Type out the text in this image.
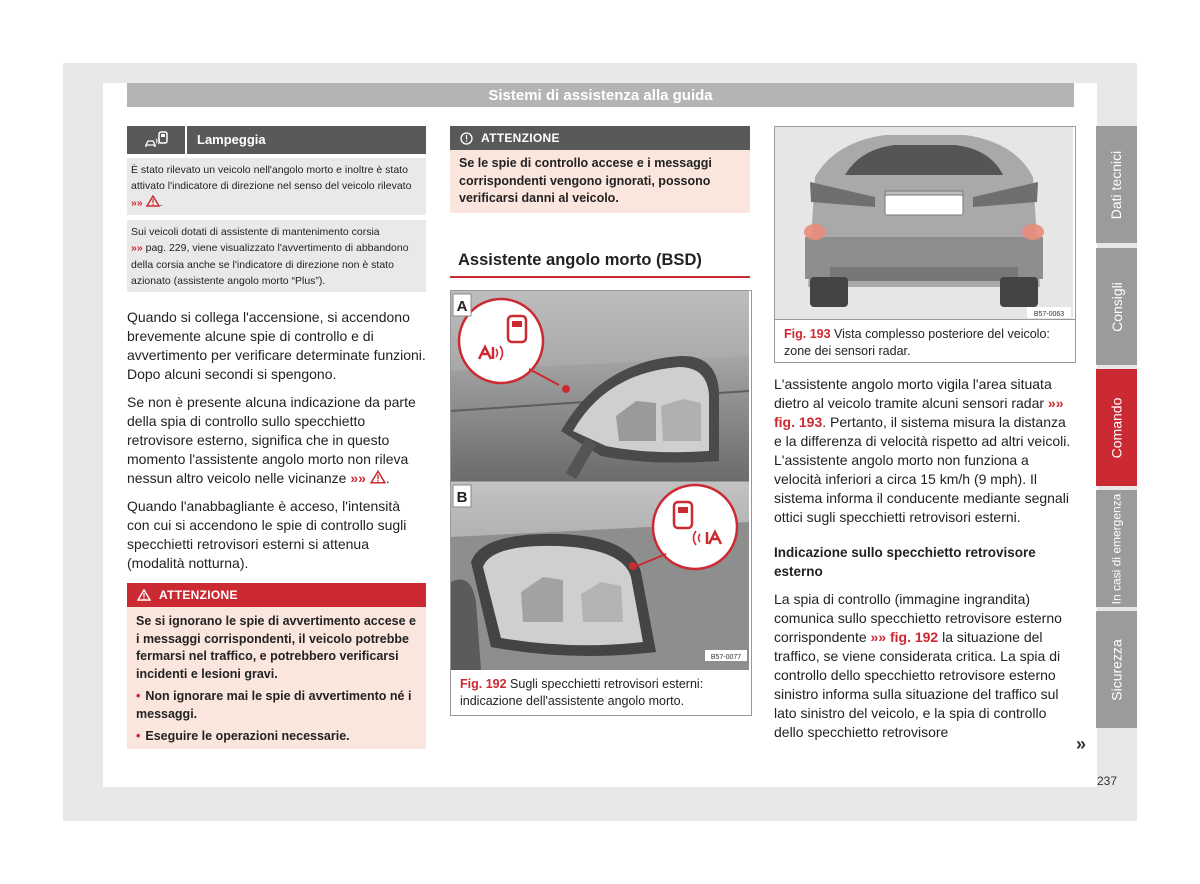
Sistemi di assistenza alla guida
Dati tecnici
Consigli
Comando
In casi di emergenza
Sicurezza
Lampeggia
È stato rilevato un veicolo nell'angolo morto e inoltre è stato attivato l'indicatore di direzione nel senso del veicolo rilevato »» .
Sui veicoli dotati di assistente di mantenimento corsia
»» pag. 229, viene visualizzato l'avvertimento di abbandono della corsia anche se l'indicatore di direzione non è stato azionato (assistente angolo morto “Plus”).

Quando si collega l'accensione, si accendono brevemente alcune spie di controllo e di avvertimento per verificare determinate funzioni. Dopo alcuni secondi si spengono.

Se non è presente alcuna indicazione da parte della spia di controllo sullo specchietto retrovisore esterno, significa che in questo momento l'assistente angolo morto non rileva nessun altro veicolo nelle vicinanze »» .

Quando l'anabbagliante è acceso, l'intensità con cui si accendono le spie di controllo sugli specchietti retrovisori esterni si attenua (modalità notturna).

ATTENZIONE

Se si ignorano le spie di avvertimento accese e i messaggi corrispondenti, il veicolo potrebbe fermarsi nel traffico, e potrebbero verificarsi incidenti e lesioni gravi.

• Non ignorare mai le spie di avvertimento né i messaggi.

• Eseguire le operazioni necessarie.

ATTENZIONE
Se le spie di controllo accese e i messaggi corrispondenti vengono ignorati, possono verificarsi danni al veicolo.
Assistente angolo morto (BSD)
A
B
B57-0077
Fig. 192 Sugli specchietti retrovisori esterni: indicazione dell'assistente angolo morto.
B57-0063
Fig. 193 Vista complesso posteriore del veicolo: zone dei sensori radar.

L'assistente angolo morto vigila l'area situata dietro al veicolo tramite alcuni sensori radar »» fig. 193. Pertanto, il sistema misura la distanza e la differenza di velocità rispetto ad altri veicoli. L'assistente angolo morto non funziona a velocità inferiori a circa 15 km/h (9 mph). Il sistema informa il conducente mediante segnali ottici sugli specchietti retrovisori esterni.

Indicazione sullo specchietto retrovisore esterno

La spia di controllo (immagine ingrandita) comunica sullo specchietto retrovisore esterno corrispondente »» fig. 192 la situazione del traffico, se viene considerata critica. La spia di controllo dello specchietto retrovisore esterno sinistro informa sulla situazione del traffico sul lato sinistro del veicolo, e la spia di controllo dello specchietto retrovisore

»
237
